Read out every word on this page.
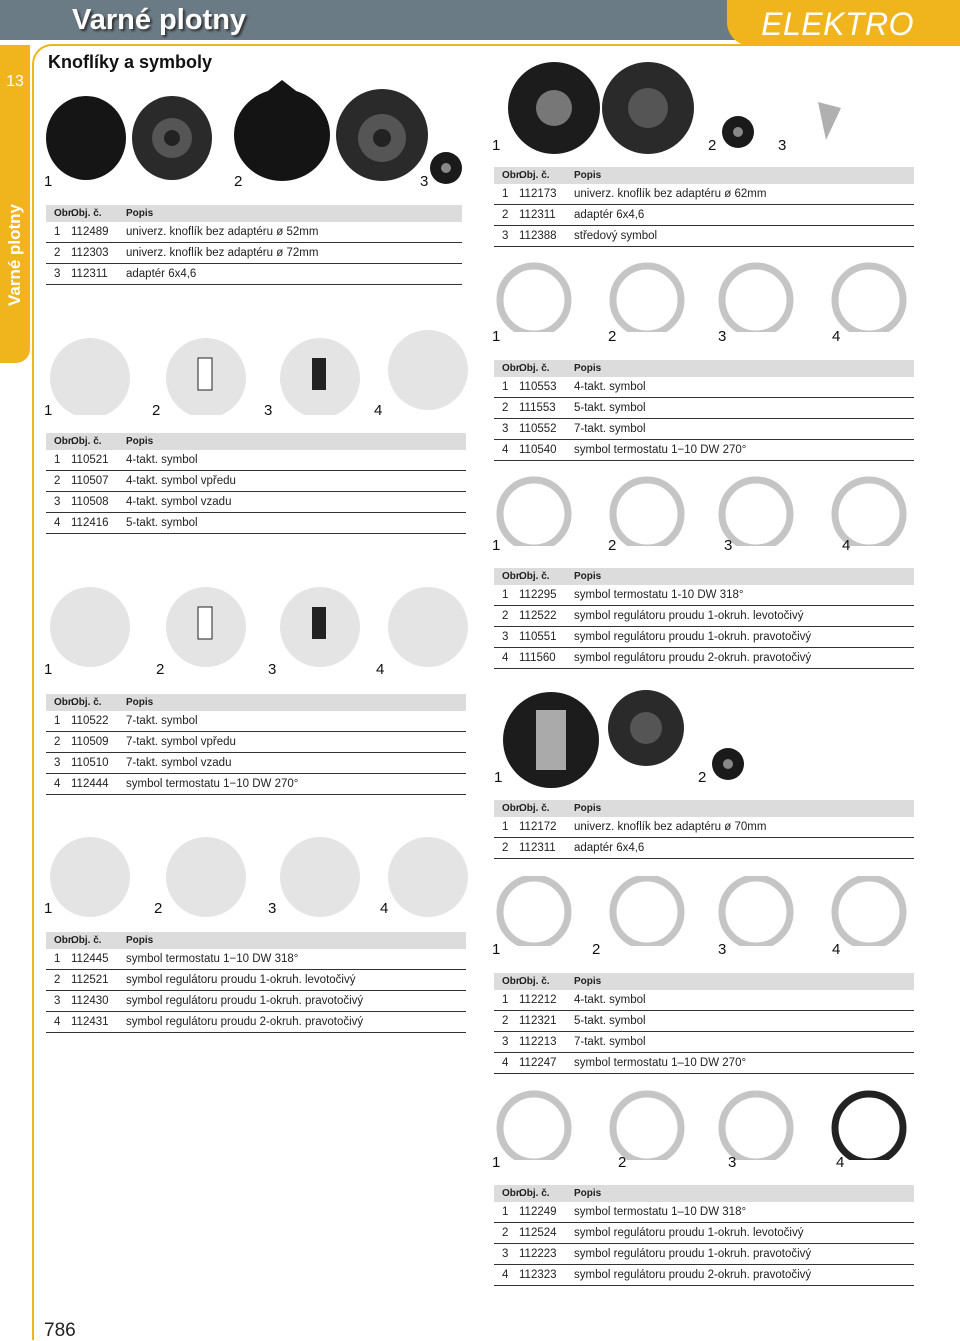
ELEKTRO
Varné plotny
13
Varné plotny
Knoflíky a symboly
786
1	2	3
1	2	3
1	2	3	4
1	2	3	4
1	2	3	4
1	2	3	4
1	2
1	2	3	4
1	2	3	4
1	2	3	4
Obr.
Obj. č.	Popis
1 112489	univerz. knoflík bez adaptéru ø 52mm
2 112303	univerz. knoflík bez adaptéru ø 72mm
3 112311	adaptér 6x4,6
Obr.
Obj. č.	Popis
1 112173	univerz. knoflík bez adaptéru ø 62mm
2 112311	adaptér 6x4,6
3 112388	středový symbol
Obr.
Obj. č.	Popis
1 110521	4-takt. symbol
2 110507	4-takt. symbol vpředu
3 110508	4-takt. symbol vzadu
4 112416	5-takt. symbol
Obr.
Obj. č.	Popis
1 110553	4-takt. symbol
2 111553	5-takt. symbol
3 110552	7-takt. symbol
4 110540	symbol termostatu 1−10 DW 270°
Obr.
Obj. č.	Popis
1 112295	symbol termostatu 1-10 DW 318°
2 112522	symbol regulátoru proudu 1-okruh. levotočivý
3 110551	symbol regulátoru proudu 1-okruh. pravotočivý
4 111560	symbol regulátoru proudu 2-okruh. pravotočivý
Obr.
Obj. č.	Popis
1 110522	7-takt. symbol
2 110509	7-takt. symbol vpředu
3 110510	7-takt. symbol vzadu
4 112444	symbol termostatu 1−10 DW 270°
Obr.
Obj. č.	Popis
1 112172	univerz. knoflík bez adaptéru ø 70mm
2 112311	adaptér 6x4,6
Obr.
Obj. č.	Popis
1 112445	symbol termostatu 1−10 DW 318°
2 112521	symbol regulátoru proudu 1-okruh. levotočivý
3 112430	symbol regulátoru proudu 1-okruh. pravotočivý
4 112431	symbol regulátoru proudu 2-okruh. pravotočivý
Obr.
Obj. č.	Popis
1 112212	4-takt. symbol
2 112321	5-takt. symbol
3 112213	7-takt. symbol
4 112247	symbol termostatu 1–10 DW 270°
Obr.
Obj. č.	Popis
1 112249	symbol termostatu 1–10 DW 318°
2 112524	symbol regulátoru proudu 1-okruh. levotočivý
3 112223	symbol regulátoru proudu 1-okruh. pravotočivý
4 112323	symbol regulátoru proudu 2-okruh. pravotočivý
